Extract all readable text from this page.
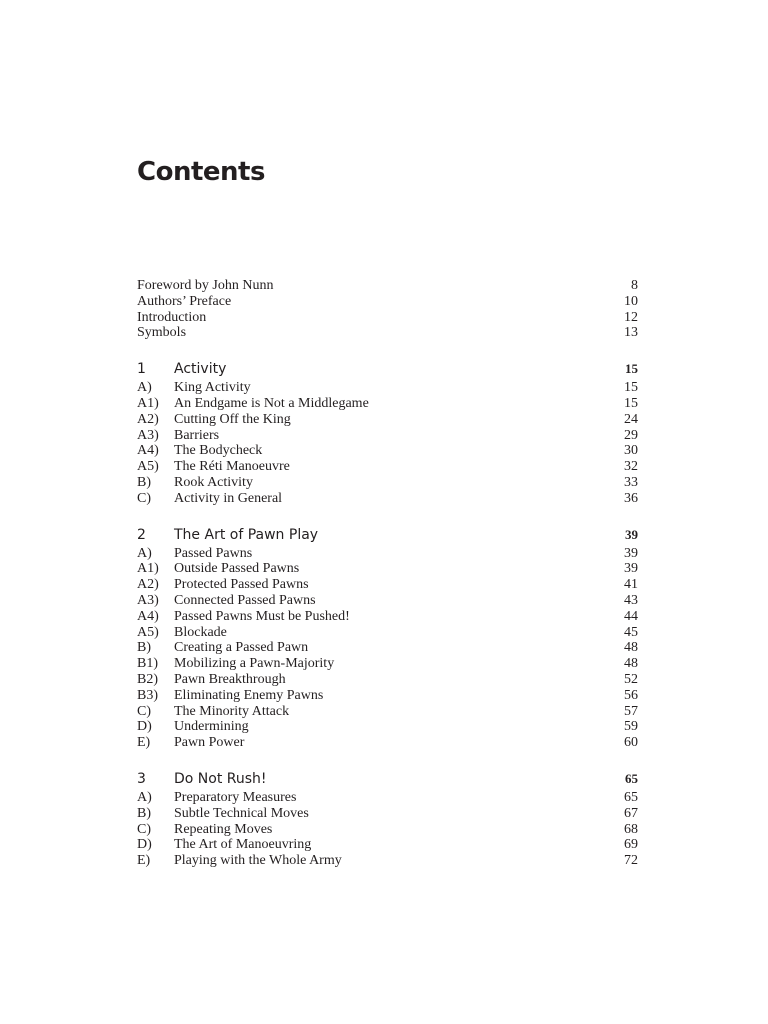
Contents
Foreword by John Nunn	8
Authors’ Preface	10
Introduction	12
Symbols	13
1	Activity	15
A)	King Activity	15
A1)	An Endgame is Not a Middlegame	15
A2)	Cutting Off the King	24
A3)	Barriers	29
A4)	The Bodycheck	30
A5)	The Réti Manoeuvre	32
B)	Rook Activity	33
C)	Activity in General	36
2	The Art of Pawn Play	39
A)	Passed Pawns	39
A1)	Outside Passed Pawns	39
A2)	Protected Passed Pawns	41
A3)	Connected Passed Pawns	43
A4)	Passed Pawns Must be Pushed!	44
A5)	Blockade	45
B)	Creating a Passed Pawn	48
B1)	Mobilizing a Pawn-Majority	48
B2)	Pawn Breakthrough	52
B3)	Eliminating Enemy Pawns	56
C)	The Minority Attack	57
D)	Undermining	59
E)	Pawn Power	60
3	Do Not Rush!	65
A)	Preparatory Measures	65
B)	Subtle Technical Moves	67
C)	Repeating Moves	68
D)	The Art of Manoeuvring	69
E)	Playing with the Whole Army	72
